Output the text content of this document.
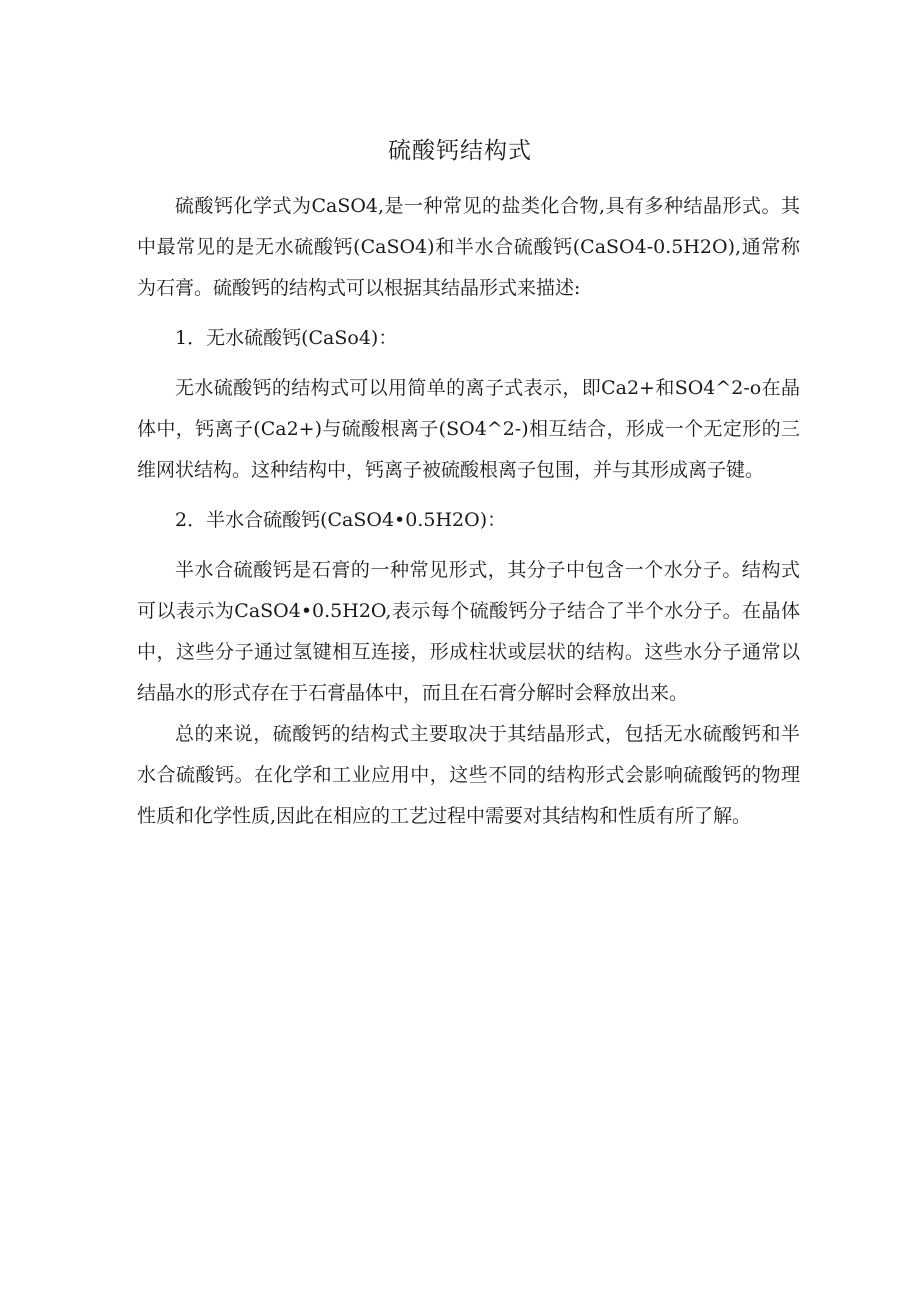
硫酸钙结构式

硫酸钙化学式为CaSO4,是一种常见的盐类化合物,具有多种结晶形式。其中最常见的是无水硫酸钙(CaSO4)和半水合硫酸钙(CaSO4-0.5H2O),通常称为石膏。硫酸钙的结构式可以根据其结晶形式来描述:

1．无水硫酸钙(CaSo4)：

无水硫酸钙的结构式可以用简单的离子式表示，即Ca2+和SO4^2-o在晶体中，钙离子(Ca2+)与硫酸根离子(SO4^2-)相互结合，形成一个无定形的三维网状结构。这种结构中，钙离子被硫酸根离子包围，并与其形成离子键。

2．半水合硫酸钙(CaSO4•0.5H2O)：

半水合硫酸钙是石膏的一种常见形式，其分子中包含一个水分子。结构式可以表示为CaSO4•0.5H2O,表示每个硫酸钙分子结合了半个水分子。在晶体中，这些分子通过氢键相互连接，形成柱状或层状的结构。这些水分子通常以结晶水的形式存在于石膏晶体中，而且在石膏分解时会释放出来。

总的来说，硫酸钙的结构式主要取决于其结晶形式，包括无水硫酸钙和半水合硫酸钙。在化学和工业应用中，这些不同的结构形式会影响硫酸钙的物理性质和化学性质,因此在相应的工艺过程中需要对其结构和性质有所了解。
